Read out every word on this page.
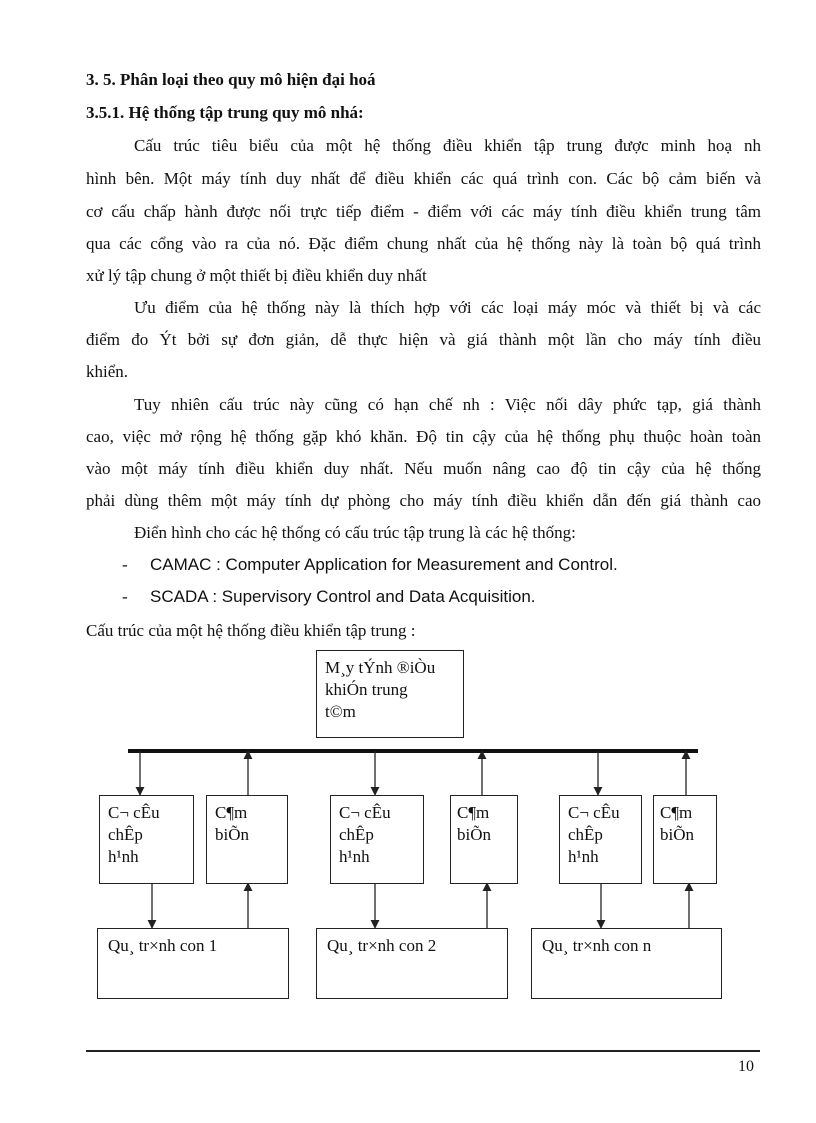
3. 5. Phân loại theo quy mô hiện đại hoá
3.5.1. Hệ thống tập trung quy mô nhá:
Cấu trúc tiêu biểu của một hệ thống điều khiển tập trung được minh hoạ nh
hình bên. Một máy tính duy nhất để điều khiển các quá trình con. Các bộ cảm biến và
cơ cấu chấp hành được nối trực tiếp điểm - điểm với các máy tính điều khiển trung tâm
qua các cổng vào ra của nó. Đặc điểm chung nhất của hệ thống này là toàn bộ quá trình
xử lý tập chung ở một thiết bị điều khiển duy nhất
Ưu điểm của hệ thống này là thích hợp với các loại máy móc và thiết bị và các
điểm đo Ýt bởi sự đơn giản, dễ thực hiện và giá thành một lần cho máy tính điều
khiển.
Tuy nhiên cấu trúc này cũng có hạn chế nh : Việc nối dây phức tạp, giá thành
cao, việc mở rộng hệ thống gặp khó khăn. Độ tin cậy của hệ thống phụ thuộc hoàn toàn
vào một máy tính điều khiển duy nhất. Nếu muốn nâng cao độ tin cậy của hệ thống
phải dùng thêm một máy tính dự phòng cho máy tính điều khiển dẫn đến giá thành cao
Điển hình cho các hệ thống có cấu trúc tập trung là các hệ thống:
- CAMAC : Computer Application for Measurement and Control.
- SCADA : Supervisory Control and Data Acquisition.
Cấu trúc của một hệ thống điều khiển tập trung :
M¸y tÝnh ®iÒu
khiÓn trung
t©m
C¬ cÊu
chÊp
h¹nh
C¶m
biÕn
Qu¸ tr×nh con 1
C¬ cÊu
chÊp
h¹nh
C¶m
biÕn
Qu¸ tr×nh con 2
C¬ cÊu
chÊp
h¹nh
C¶m
biÕn
Qu¸ tr×nh con n
10
